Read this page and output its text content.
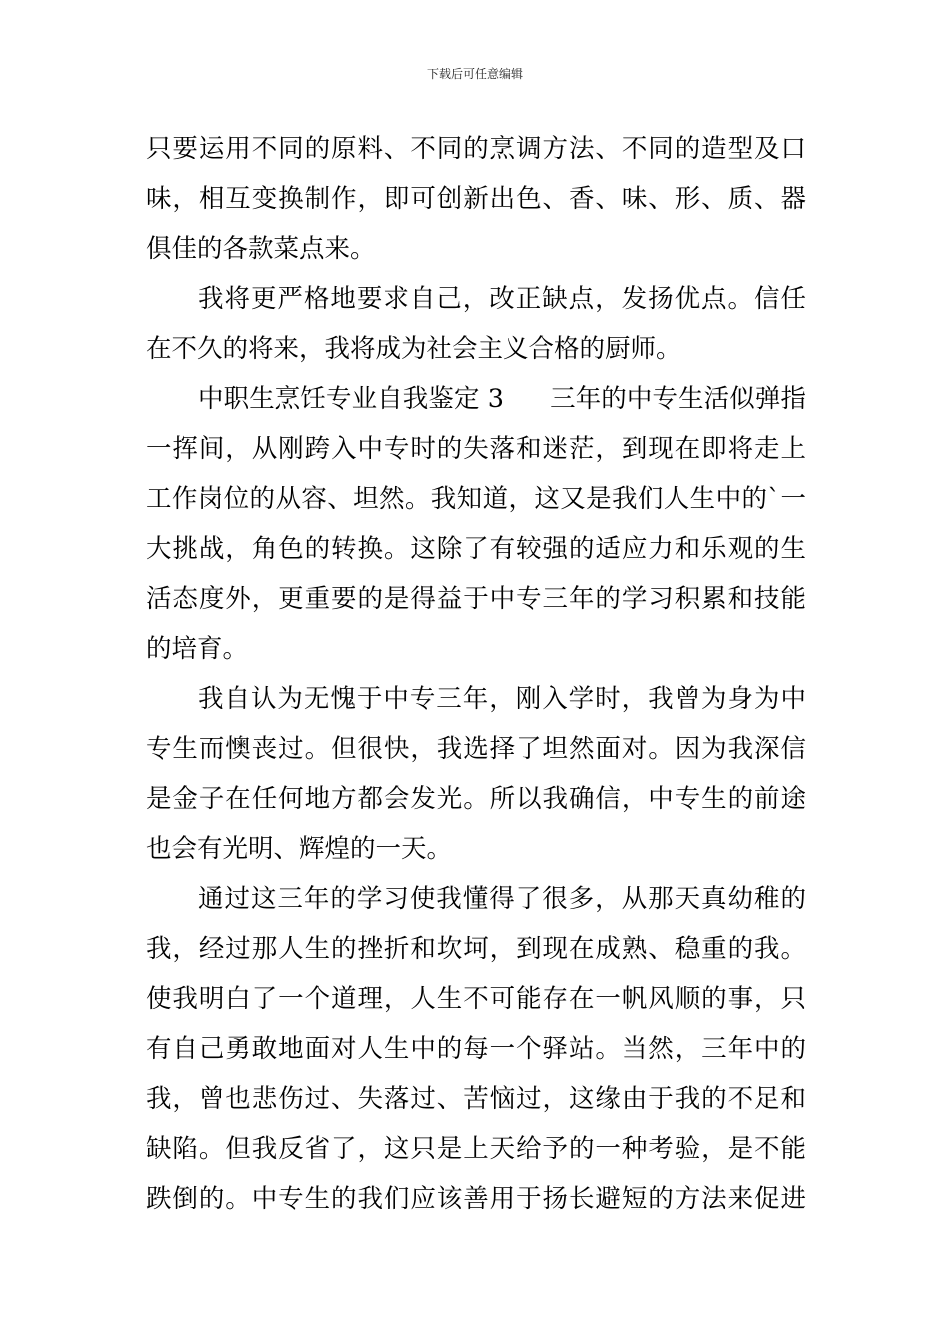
下载后可任意编辑
只要运用不同的原料、不同的烹调方法、不同的造型及口
味，相互变换制作，即可创新出色、香、味、形、质、器
俱佳的各款菜点来。
我将更严格地要求自己，改正缺点，发扬优点。信任
在不久的将来，我将成为社会主义合格的厨师。
中职生烹饪专业自我鉴定 3 三年的中专生活似弹指
一挥间，从刚跨入中专时的失落和迷茫，到现在即将走上
工作岗位的从容、坦然。我知道，这又是我们人生中的`一
大挑战，角色的转换。这除了有较强的适应力和乐观的生
活态度外，更重要的是得益于中专三年的学习积累和技能
的培育。
我自认为无愧于中专三年，刚入学时，我曾为身为中
专生而懊丧过。但很快，我选择了坦然面对。因为我深信
是金子在任何地方都会发光。所以我确信，中专生的前途
也会有光明、辉煌的一天。
通过这三年的学习使我懂得了很多，从那天真幼稚的
我，经过那人生的挫折和坎坷，到现在成熟、稳重的我。
使我明白了一个道理，人生不可能存在一帆风顺的事，只
有自己勇敢地面对人生中的每一个驿站。当然，三年中的
我，曾也悲伤过、失落过、苦恼过，这缘由于我的不足和
缺陷。但我反省了，这只是上天给予的一种考验，是不能
跌倒的。中专生的我们应该善用于扬长避短的方法来促进
